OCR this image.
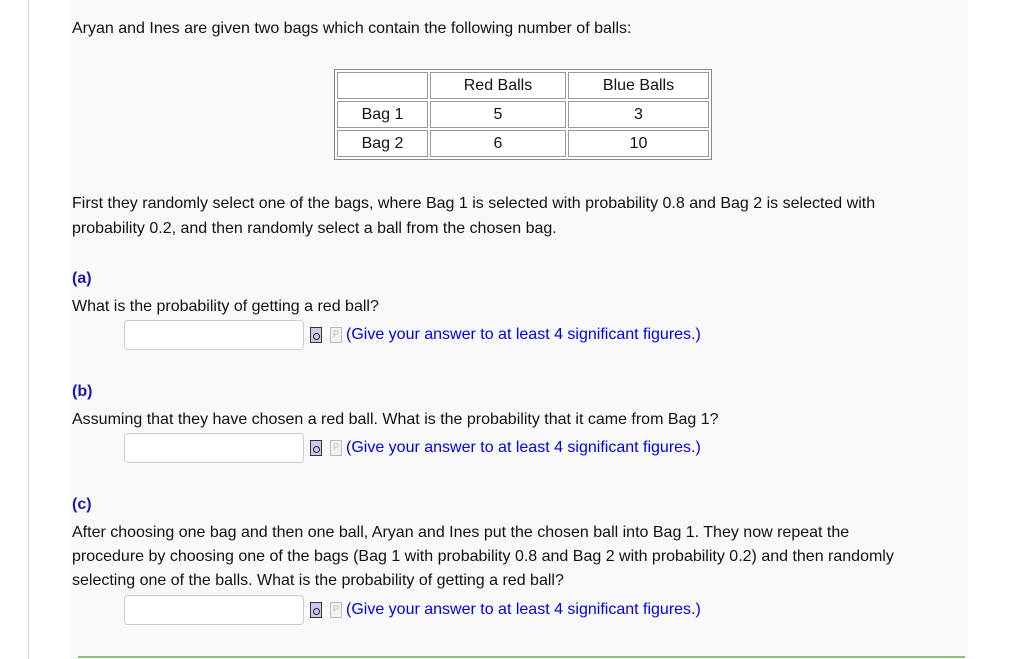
Aryan and Ines are given two bags which contain the following number of balls:

	Red Balls	Blue Balls
Bag 1	5	3
Bag 2	6	10

First they randomly select one of the bags, where Bag 1 is selected with probability 0.8 and Bag 2 is selected with

probability 0.2, and then randomly select a ball from the chosen bag.

(a)

What is the probability of getting a red ball?

P
(Give your answer to at least 4 significant figures.)
(b)

Assuming that they have chosen a red ball. What is the probability that it came from Bag 1?

P
(Give your answer to at least 4 significant figures.)
(c)

After choosing one bag and then one ball, Aryan and Ines put the chosen ball into Bag 1. They now repeat the

procedure by choosing one of the bags (Bag 1 with probability 0.8 and Bag 2 with probability 0.2) and then randomly

selecting one of the balls. What is the probability of getting a red ball?

P
(Give your answer to at least 4 significant figures.)
